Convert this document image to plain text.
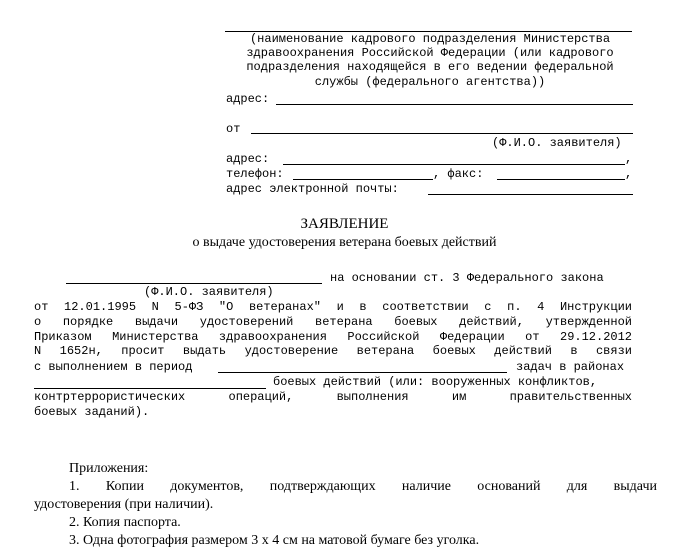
(наименование кадрового подразделения Министерства
здравоохранения Российской Федерации (или кадрового
подразделения находящейся в его ведении федеральной
службы (федерального агентства))
адрес:
от
(Ф.И.О. заявителя)
адрес:	,
телефон:	, факс:	,
адрес электронной почты:
ЗАЯВЛЕНИЕ
о выдаче удостоверения ветерана боевых действий
на основании ст. 3 Федерального закона
(Ф.И.О. заявителя)
от 12.01.1995 N 5-ФЗ "О ветеранах" и в соответствии с п. 4 Инструкции
о порядке выдачи удостоверений ветерана боевых действий, утвержденной
Приказом Министерства здравоохранения Российской Федерации от 29.12.2012
N 1652н, просит выдать удостоверение ветерана боевых действий в связи
с выполнением в период	задач в районах
боевых действий (или: вооруженных конфликтов,
контртеррористических операций, выполнения им правительственных
боевых заданий).
Приложения:
1. Копии документов, подтверждающих наличие оснований для выдачи
удостоверения (при наличии).
2. Копия паспорта.
3. Одна фотография размером 3 х 4 см на матовой бумаге без уголка.
